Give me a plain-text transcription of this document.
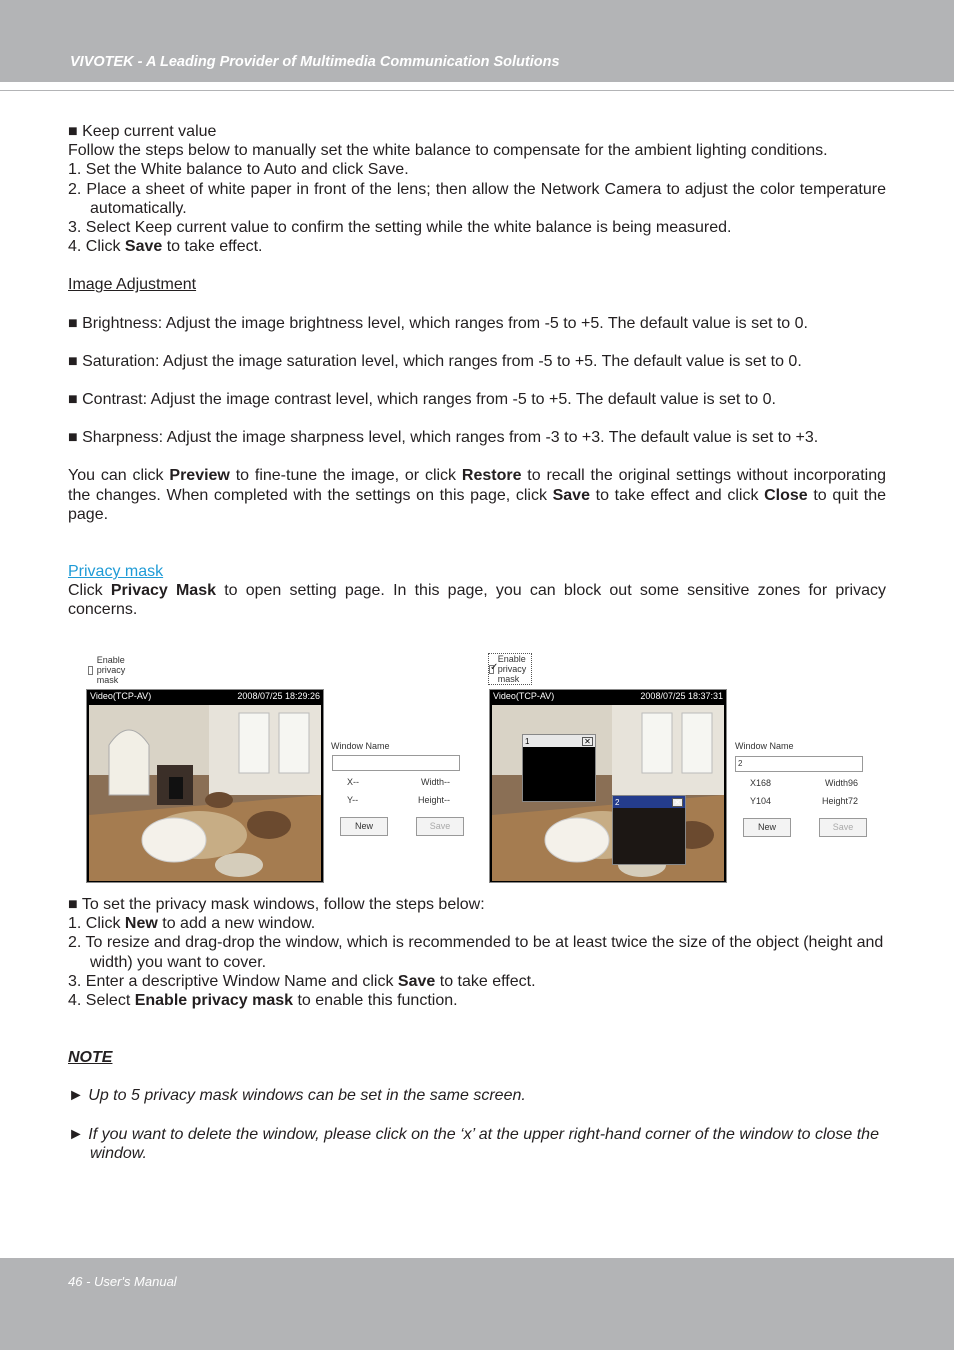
VIVOTEK - A Leading Provider of Multimedia Communication Solutions

■ Keep current value

Follow the steps below to manually set the white balance to compensate for the ambient lighting conditions.

1. Set the White balance to Auto and click Save.

2. Place a sheet of white paper in front of the lens; then allow the Network Camera to adjust the color temperature automatically.

3. Select Keep current value to confirm the setting while the white balance is being measured.

4. Click Save to take effect.

Image Adjustment

■ Brightness: Adjust the image brightness level, which ranges from -5 to +5. The default value is set to 0.

■ Saturation: Adjust the image saturation level, which ranges from -5 to +5. The default value is set to 0.

■ Contrast: Adjust the image contrast level, which ranges from -5 to +5. The default value is set to 0.

■ Sharpness: Adjust the image sharpness level, which ranges from -3 to +3. The default value is set to +3.

You can click Preview to fine-tune the image, or click Restore to recall the original settings without incorporating the changes. When completed with the settings on this page, click Save to take effect and click Close to quit the page.

Privacy mask

Click Privacy Mask to open setting page. In this page, you can block out some sensitive zones for privacy concerns.

Enable privacy mask
Video(TCP-AV)	2008/07/25 18:29:26
Window Name
X--	Width--
Y--	Height--
New	Save
✓
Enable privacy mask
Video(TCP-AV)	2008/07/25 18:37:31
1	✕
2	✕
Window Name
2
X168	Width96
Y104	Height72
New	Save

■ To set the privacy mask windows, follow the steps below:

1. Click New to add a new window.

2. To resize and drag-drop the window, which is recommended to be at least twice the size of the object (height and width) you want to cover.

3. Enter a descriptive Window Name and click Save to take effect.

4. Select Enable privacy mask to enable this function.

NOTE

► Up to 5 privacy mask windows can be set in the same screen.

► If you want to delete the window, please click on the ‘x’ at the upper right-hand corner of the window to close the window.

46 - User's Manual
